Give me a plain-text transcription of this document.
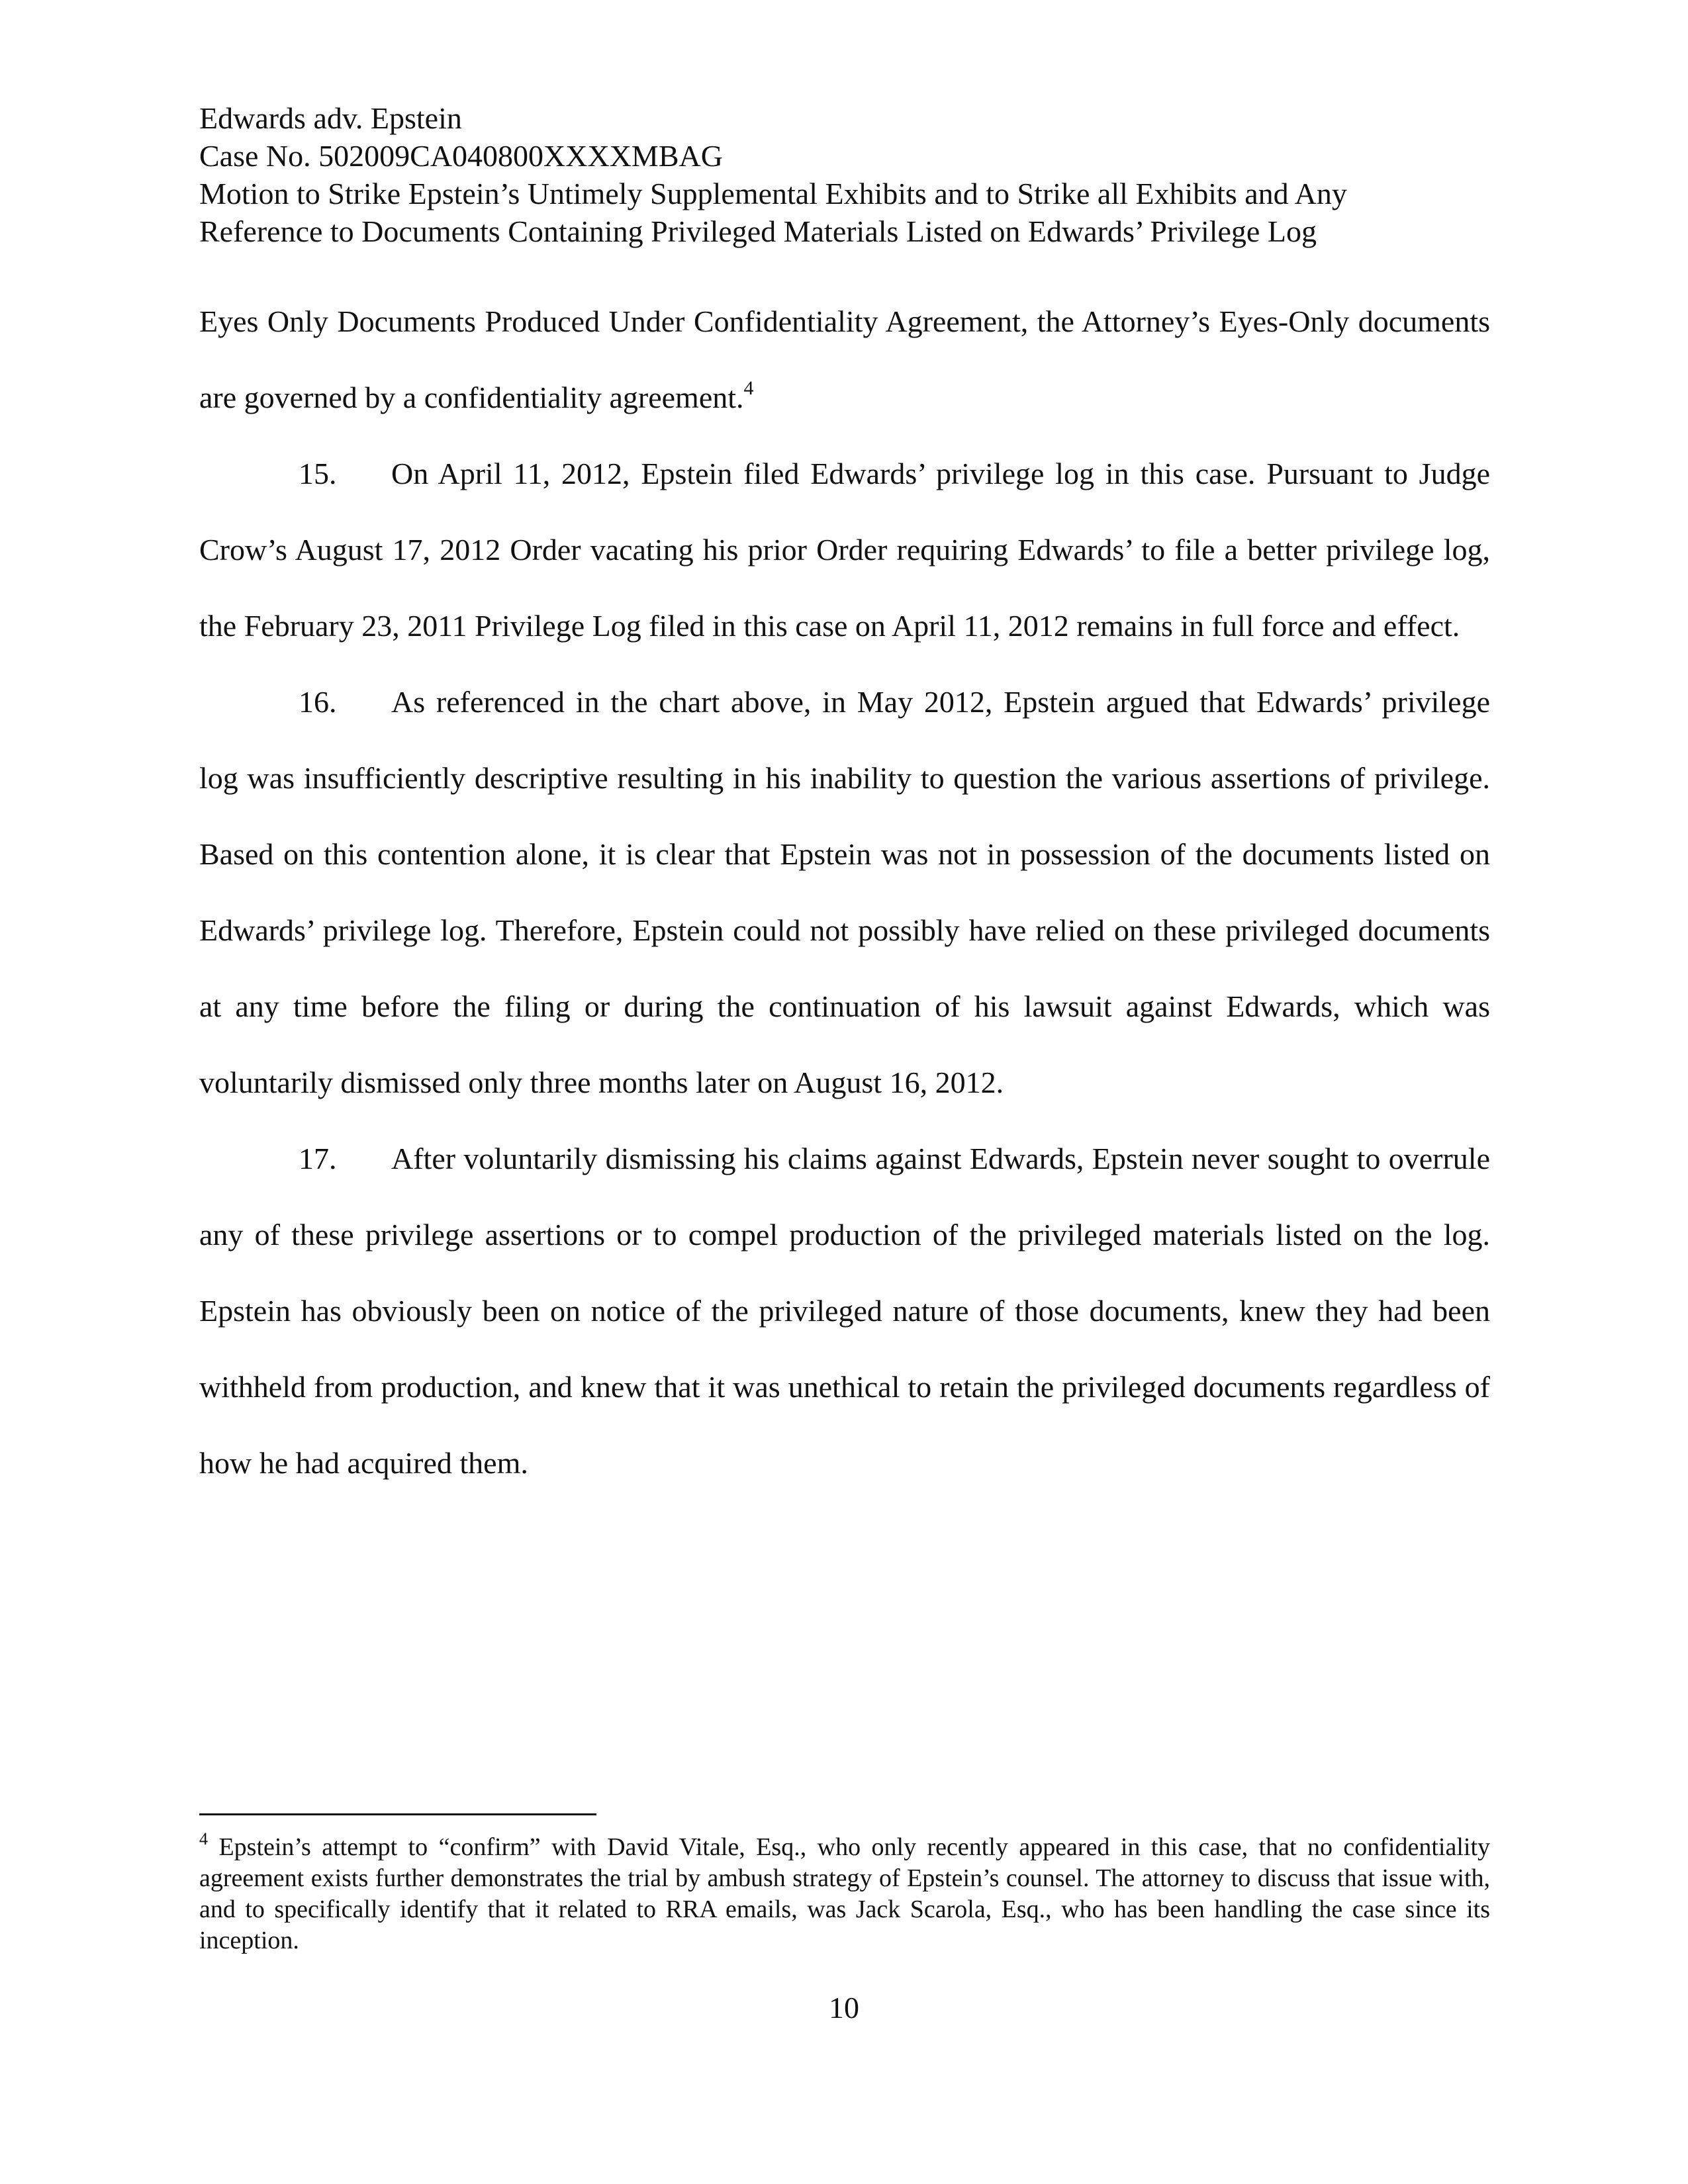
Edwards adv. Epstein
Case No. 502009CA040800XXXXMBAG
Motion to Strike Epstein’s Untimely Supplemental Exhibits and to Strike all Exhibits and Any
Reference to Documents Containing Privileged Materials Listed on Edwards’ Privilege Log

Eyes Only Documents Produced Under Confidentiality Agreement, the Attorney’s Eyes-Only documents are governed by a confidentiality agreement.$^4$

15. On April 11, 2012, Epstein filed Edwards’ privilege log in this case. Pursuant to Judge Crow’s August 17, 2012 Order vacating his prior Order requiring Edwards’ to file a better privilege log, the February 23, 2011 Privilege Log filed in this case on April 11, 2012 remains in full force and effect.

16. As referenced in the chart above, in May 2012, Epstein argued that Edwards’ privilege log was insufficiently descriptive resulting in his inability to question the various assertions of privilege. Based on this contention alone, it is clear that Epstein was not in possession of the documents listed on Edwards’ privilege log. Therefore, Epstein could not possibly have relied on these privileged documents at any time before the filing or during the continuation of his lawsuit against Edwards, which was voluntarily dismissed only three months later on August 16, 2012.

17. After voluntarily dismissing his claims against Edwards, Epstein never sought to overrule any of these privilege assertions or to compel production of the privileged materials listed on the log. Epstein has obviously been on notice of the privileged nature of those documents, knew they had been withheld from production, and knew that it was unethical to retain the privileged documents regardless of how he had acquired them.

$^4$ Epstein’s attempt to “confirm” with David Vitale, Esq., who only recently appeared in this case, that no confidentiality agreement exists further demonstrates the trial by ambush strategy of Epstein’s counsel. The attorney to discuss that issue with, and to specifically identify that it related to RRA emails, was Jack Scarola, Esq., who has been handling the case since its inception.
10
